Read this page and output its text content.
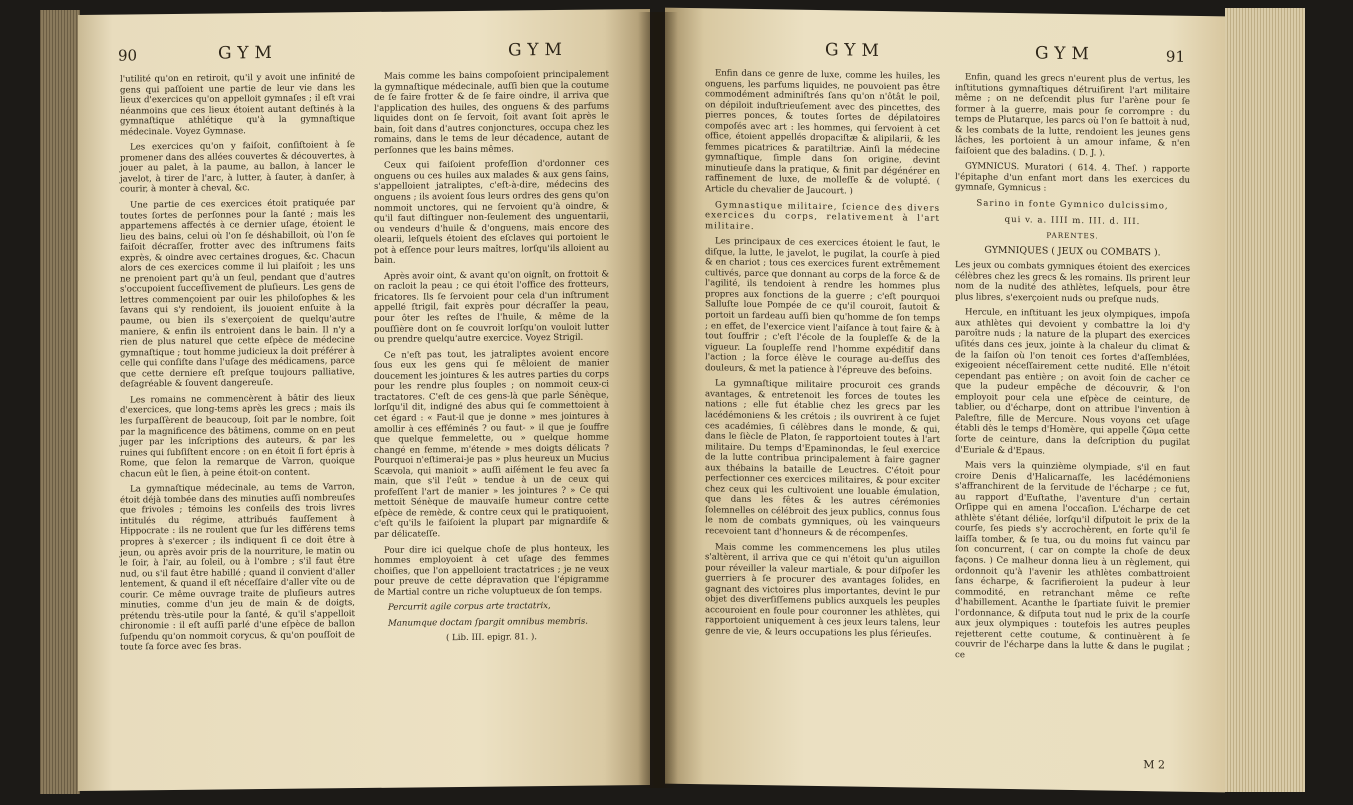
90	GYM	GYM

l'utilité qu'on en retiroit, qu'il y avoit une infinité de gens qui paſſoient une partie de leur vie dans les lieux d'exercices qu'on appelloit gymnaſes ; il eſt vrai néanmoins que ces lieux étoient autant deſtinés à la gymnaſtique athlétique qu'à la gymnaſtique médecinale. Voyez Gymnase.

Les exercices qu'on y faiſoit, conſiſtoient à ſe promener dans des allées couvertes & découvertes, à jouer au palet, à la paume, au ballon, à lancer le javelot, à tirer de l'arc, à lutter, à ſauter, à danſer, à courir, à monter à cheval, &c.

Une partie de ces exercices étoit pratiquée par toutes ſortes de perſonnes pour la ſanté ; mais les appartemens affectés à ce dernier uſage, étoient le lieu des bains, celui où l'on ſe déshabilloit, où l'on ſe faiſoit décraſſer, frotter avec des inſtrumens faits exprès, & oindre avec certaines drogues, &c. Chacun alors de ces exercices comme il lui plaiſoit ; les uns ne prenoient part qu'à un ſeul, pendant que d'autres s'occupoient ſucceſſivement de pluſieurs. Les gens de lettres commençoient par ouir les philoſophes & les ſavans qui s'y rendoient, ils jouoient enſuite à la paume, ou bien ils s'exerçoient de quelqu'autre maniere, & enfin ils entroient dans le bain. Il n'y a rien de plus naturel que cette eſpèce de médecine gymnaſtique ; tout homme judicieux la doit préférer à celle qui conſiſte dans l'uſage des médicamens, parce que cette derniere eſt preſque toujours palliative, deſagréable & ſouvent dangereuſe.

Les romains ne commencèrent à bâtir des lieux d'exercices, que long-tems après les grecs ; mais ils les ſurpaſſèrent de beaucoup, ſoit par le nombre, ſoit par la magnificence des bâtimens, comme on en peut juger par les inſcriptions des auteurs, & par les ruines qui ſubſiſtent encore : on en étoit ſi fort épris à Rome, que ſelon la remarque de Varron, quoique chacun eût le ſien, à peine étoit-on content.

La gymnaſtique médecinale, au tems de Varron, étoit déjà tombée dans des minuties auſſi nombreuſes que frivoles ; témoins les conſeils des trois livres intitulés du régime, attribués fauſſement à Hippocrate : ils ne roulent que ſur les différens tems propres à s'exercer ; ils indiquent ſi ce doit être à jeun, ou après avoir pris de la nourriture, le matin ou le ſoir, à l'air, au ſoleil, ou à l'ombre ; s'il faut être nud, ou s'il faut être habillé ; quand il convient d'aller lentement, & quand il eſt néceſſaire d'aller vîte ou de courir. Ce même ouvrage traite de pluſieurs autres minuties, comme d'un jeu de main & de doigts, prétendu très-utile pour la ſanté, & qu'il s'appelloit chironomie : il eſt auſſi parlé d'une eſpèce de ballon ſuſpendu qu'on nommoit corycus, & qu'on pouſſoit de toute ſa force avec ſes bras.

Mais comme les bains compoſoient principalement la gymnaſtique médecinale, auſſi bien que la coutume de ſe faire frotter & de ſe faire oindre, il arriva que l'application des huiles, des onguens & des parfums liquides dont on ſe ſervoit, ſoit avant ſoit après le bain, ſoit dans d'autres conjonctures, occupa chez les romains, dans le tems de leur décadence, autant de perſonnes que les bains mêmes.

Ceux qui faiſoient profeſſion d'ordonner ces onguens ou ces huiles aux malades & aux gens ſains, s'appelloient jatraliptes, c'eſt-à-dire, médecins des onguens ; ils avoient ſous leurs ordres des gens qu'on nommoit unctores, qui ne ſervoient qu'à oindre, & qu'il faut diſtinguer non-ſeulement des unguentarii, ou vendeurs d'huile & d'onguens, mais encore des olearii, leſquels étoient des eſclaves qui portoient le pot à eſſence pour leurs maîtres, lorſqu'ils alloient au bain.

Après avoir oint, & avant qu'on oignît, on frottoit & on racloit la peau ; ce qui étoit l'office des frotteurs, fricatores. Ils ſe ſervoient pour cela d'un inſtrument appellé ſtrigil, fait exprès pour décraſſer la peau, pour ôter les reſtes de l'huile, & même de la pouſſière dont on ſe couvroit lorſqu'on vouloit lutter ou prendre quelqu'autre exercice. Voyez Strigil.

Ce n'eſt pas tout, les jatraliptes avoient encore ſous eux les gens qui ſe mêloient de manier doucement les jointures & les autres parties du corps pour les rendre plus ſouples ; on nommoit ceux-ci tractatores. C'eſt de ces gens-là que parle Sénèque, lorſqu'il dit, indigné des abus qui ſe commettoient à cet égard : « Faut-il que je donne » mes jointures à amollir à ces efféminés ? ou faut- » il que je ſouffre que quelque femmelette, ou » quelque homme changé en femme, m'étende » mes doigts délicats ? Pourquoi n'eſtimerai-je pas » plus heureux un Mucius Scævola, qui manioit » auſſi aiſément le feu avec ſa main, que s'il l'eût » tendue à un de ceux qui profeſſent l'art de manier » les jointures ? » Ce qui mettoit Sénèque de mauvaiſe humeur contre cette eſpèce de remède, & contre ceux qui le pratiquoient, c'eſt qu'ils le faiſoient la plupart par mignardiſe & par délicateſſe.

Pour dire ici quelque choſe de plus honteux, les hommes employoient à cet uſage des femmes choiſies, que l'on appelloient tractatrices ; je ne veux pour preuve de cette dépravation que l'épigramme de Martial contre un riche voluptueux de ſon temps.

Percurrit agile corpus arte tractatrix,

Manumque doctam ſpargit omnibus membris.

( Lib. III. epigr. 81. ).

GYM	GYM	91

Enfin dans ce genre de luxe, comme les huiles, les onguens, les parfums liquides, ne pouvoient pas être commodément adminiſtrés ſans qu'on n'ôtât le poil, on dépiloit induſtrieuſement avec des pincettes, des pierres ponces, & toutes ſortes de dépilatoires compoſés avec art : les hommes, qui ſervoient à cet office, étoient appellés dropaciſtæ & alipilarii, & les femmes picatrices & paratiltriæ. Ainſi la médecine gymnaſtique, ſimple dans ſon origine, devint minutieuſe dans la pratique, & finit par dégénérer en raffinement de luxe, de molleſſe & de volupté. ( Article du chevalier de Jaucourt. )

Gymnastique militaire, ſcience des divers exercices du corps, relativement à l'art militaire.

Les principaux de ces exercices étoient le ſaut, le diſque, la lutte, le javelot, le pugilat, la courſe à pied & en chariot ; tous ces exercices furent extrêmement cultivés, parce que donnant au corps de la force & de l'agilité, ils tendoient à rendre les hommes plus propres aux fonctions de la guerre ; c'eſt pourquoi Salluſte loue Pompée de ce qu'il couroit, ſautoit & portoit un fardeau auſſi bien qu'homme de ſon temps ; en effet, de l'exercice vient l'aiſance à tout faire & à tout ſouffrir ; c'eſt l'école de la ſoupleſſe & de la vigueur. La ſoupleſſe rend l'homme expéditif dans l'action ; la force élève le courage au-deſſus des douleurs, & met la patience à l'épreuve des beſoins.

La gymnaſtique militaire procuroit ces grands avantages, & entretenoit les forces de toutes les nations ; elle fut établie chez les grecs par les lacédémoniens & les crétois ; ils ouvrirent à ce ſujet ces académies, ſi célèbres dans le monde, & qui, dans le ſiècle de Platon, ſe rapportoient toutes à l'art militaire. Du temps d'Epaminondas, le ſeul exercice de la lutte contribua principalement à faire gagner aux thébains la bataille de Leuctres. C'étoit pour perfectionner ces exercices militaires, & pour exciter chez ceux qui les cultivoient une louable émulation, que dans les fêtes & les autres cérémonies ſolemnelles on célébroit des jeux publics, connus ſous le nom de combats gymniques, où les vainqueurs recevoient tant d'honneurs & de récompenſes.

Mais comme les commencemens les plus utiles s'altèrent, il arriva que ce qui n'étoit qu'un aiguillon pour réveiller la valeur martiale, & pour diſpoſer les guerriers à ſe procurer des avantages ſolides, en gagnant des victoires plus importantes, devint le pur objet des diverſiſſemens publics auxquels les peuples accouroient en foule pour couronner les athlètes, qui rapportoient uniquement à ces jeux leurs talens, leur genre de vie, & leurs occupations les plus ſérieuſes.

Enfin, quand les grecs n'eurent plus de vertus, les inſtitutions gymnaſtiques détruiſirent l'art militaire même ; on ne deſcendit plus ſur l'arène pour ſe former à la guerre, mais pour ſe corrompre : du temps de Plutarque, les parcs où l'on ſe battoit à nud, & les combats de la lutte, rendoient les jeunes gens lâches, les portoient à un amour infame, & n'en faiſoient que des baladins. ( D. J. ).

GYMNICUS. Muratori ( 614. 4. Theſ. ) rapporte l'épitaphe d'un enfant mort dans les exercices du gymnaſe, Gymnicus :

Sarino in fonte Gymnico dulcissimo,

qui v. a. IIII m. III. d. III.

PARENTES.

GYMNIQUES ( JEUX ou COMBATS ).

Les jeux ou combats gymniques étoient des exercices célèbres chez les grecs & les romains. Ils prirent leur nom de la nudité des athlètes, leſquels, pour être plus libres, s'exerçoient nuds ou preſque nuds.

Hercule, en inſtituant les jeux olympiques, impoſa aux athlètes qui devoient y combattre la loi d'y paroître nuds ; la nature de la plupart des exercices uſités dans ces jeux, jointe à la chaleur du climat & de la ſaiſon où l'on tenoit ces ſortes d'aſſemblées, exigeoient néceſſairement cette nudité. Elle n'étoit cependant pas entière ; on avoit ſoin de cacher ce que la pudeur empêche de découvrir, & l'on employoit pour cela une eſpèce de ceinture, de tablier, ou d'écharpe, dont on attribue l'invention à Paleſtre, fille de Mercure. Nous voyons cet uſage établi dès le temps d'Homère, qui appelle ζῶμα cette ſorte de ceinture, dans la deſcription du pugilat d'Euriale & d'Epaus.

Mais vers la quinzième olympiade, s'il en faut croire Denis d'Halicarnaſſe, les lacédémoniens s'affranchirent de la ſervitude de l'écharpe ; ce fut, au rapport d'Euſtathe, l'aventure d'un certain Orſippe qui en amena l'occaſion. L'écharpe de cet athlète s'étant déliée, lorſqu'il diſputoit le prix de la courſe, ſes pieds s'y accrochèrent, en ſorte qu'il ſe laiſſa tomber, & ſe tua, ou du moins fut vaincu par ſon concurrent, ( car on compte la choſe de deux façons. ) Ce malheur donna lieu à un règlement, qui ordonnoit qu'à l'avenir les athlètes combattroient ſans écharpe, & ſacrifieroient la pudeur à leur commodité, en retranchant même ce reſte d'habillement. Acanthe le ſpartiate ſuivit le premier l'ordonnance, & diſputa tout nud le prix de la courſe aux jeux olympiques : toutefois les autres peuples rejetterent cette coutume, & continuèrent à ſe couvrir de l'écharpe dans la lutte & dans le pugilat ; ce

M 2
